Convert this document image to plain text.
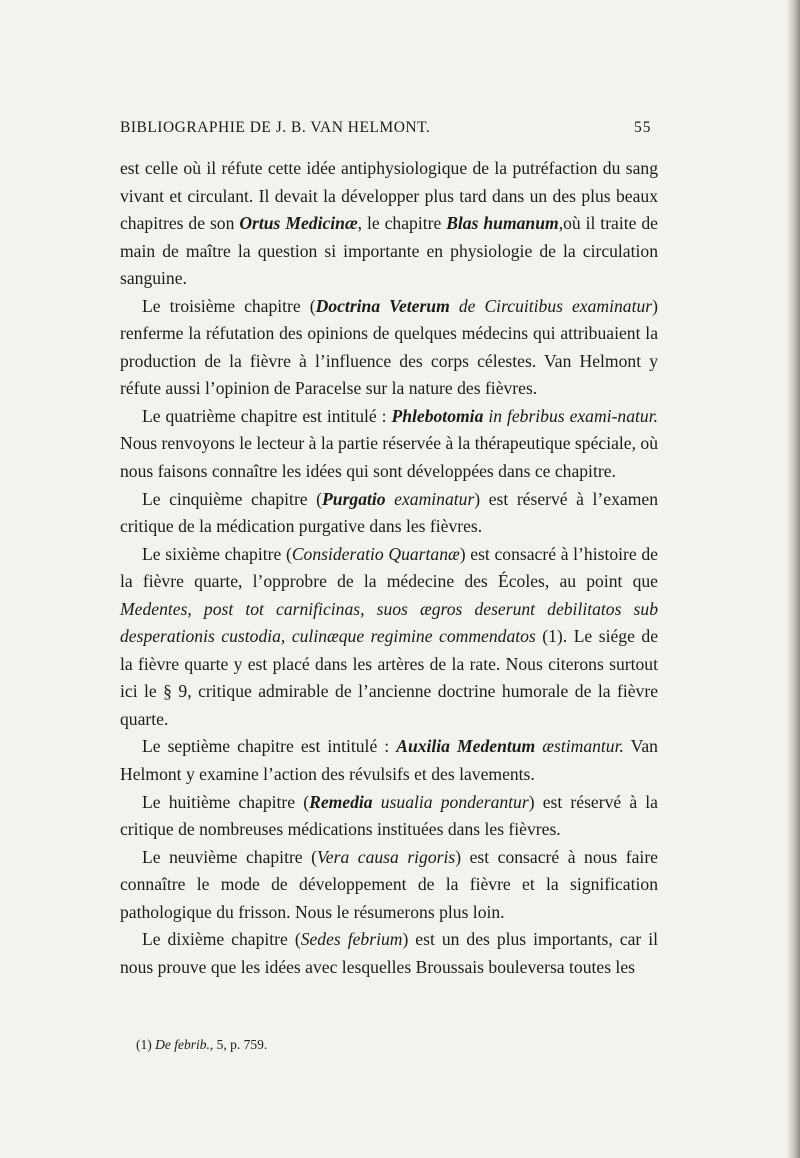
BIBLIOGRAPHIE DE J. B. VAN HELMONT.	55

est celle où il réfute cette idée antiphysiologique de la putréfaction du sang vivant et circulant. Il devait la développer plus tard dans un des plus beaux chapitres de son Ortus Medicinæ, le chapitre Blas humanum,où il traite de main de maître la question si importante en physiologie de la circulation sanguine.

Le troisième chapitre (Doctrina Veterum de Circuitibus examinatur) renferme la réfutation des opinions de quelques médecins qui attribuaient la production de la fièvre à l’influence des corps célestes. Van Helmont y réfute aussi l’opinion de Paracelse sur la nature des fièvres.

Le quatrième chapitre est intitulé : Phlebotomia in febribus exami-natur. Nous renvoyons le lecteur à la partie réservée à la thérapeutique spéciale, où nous faisons connaître les idées qui sont développées dans ce chapitre.

Le cinquième chapitre (Purgatio examinatur) est réservé à l’examen critique de la médication purgative dans les fièvres.

Le sixième chapitre (Consideratio Quartanæ) est consacré à l’histoire de la fièvre quarte, l’opprobre de la médecine des Écoles, au point que Medentes, post tot carnificinas, suos ægros deserunt debilitatos sub desperationis custodia, culinæque regimine commendatos (1). Le siége de la fièvre quarte y est placé dans les artères de la rate. Nous citerons surtout ici le § 9, critique admirable de l’ancienne doctrine humorale de la fièvre quarte.

Le septième chapitre est intitulé : Auxilia Medentum æstimantur. Van Helmont y examine l’action des révulsifs et des lavements.

Le huitième chapitre (Remedia usualia ponderantur) est réservé à la critique de nombreuses médications instituées dans les fièvres.

Le neuvième chapitre (Vera causa rigoris) est consacré à nous faire connaître le mode de développement de la fièvre et la signification pathologique du frisson. Nous le résumerons plus loin.

Le dixième chapitre (Sedes febrium) est un des plus importants, car il nous prouve que les idées avec lesquelles Broussais bouleversa toutes les

(1) De febrib., 5, p. 759.
